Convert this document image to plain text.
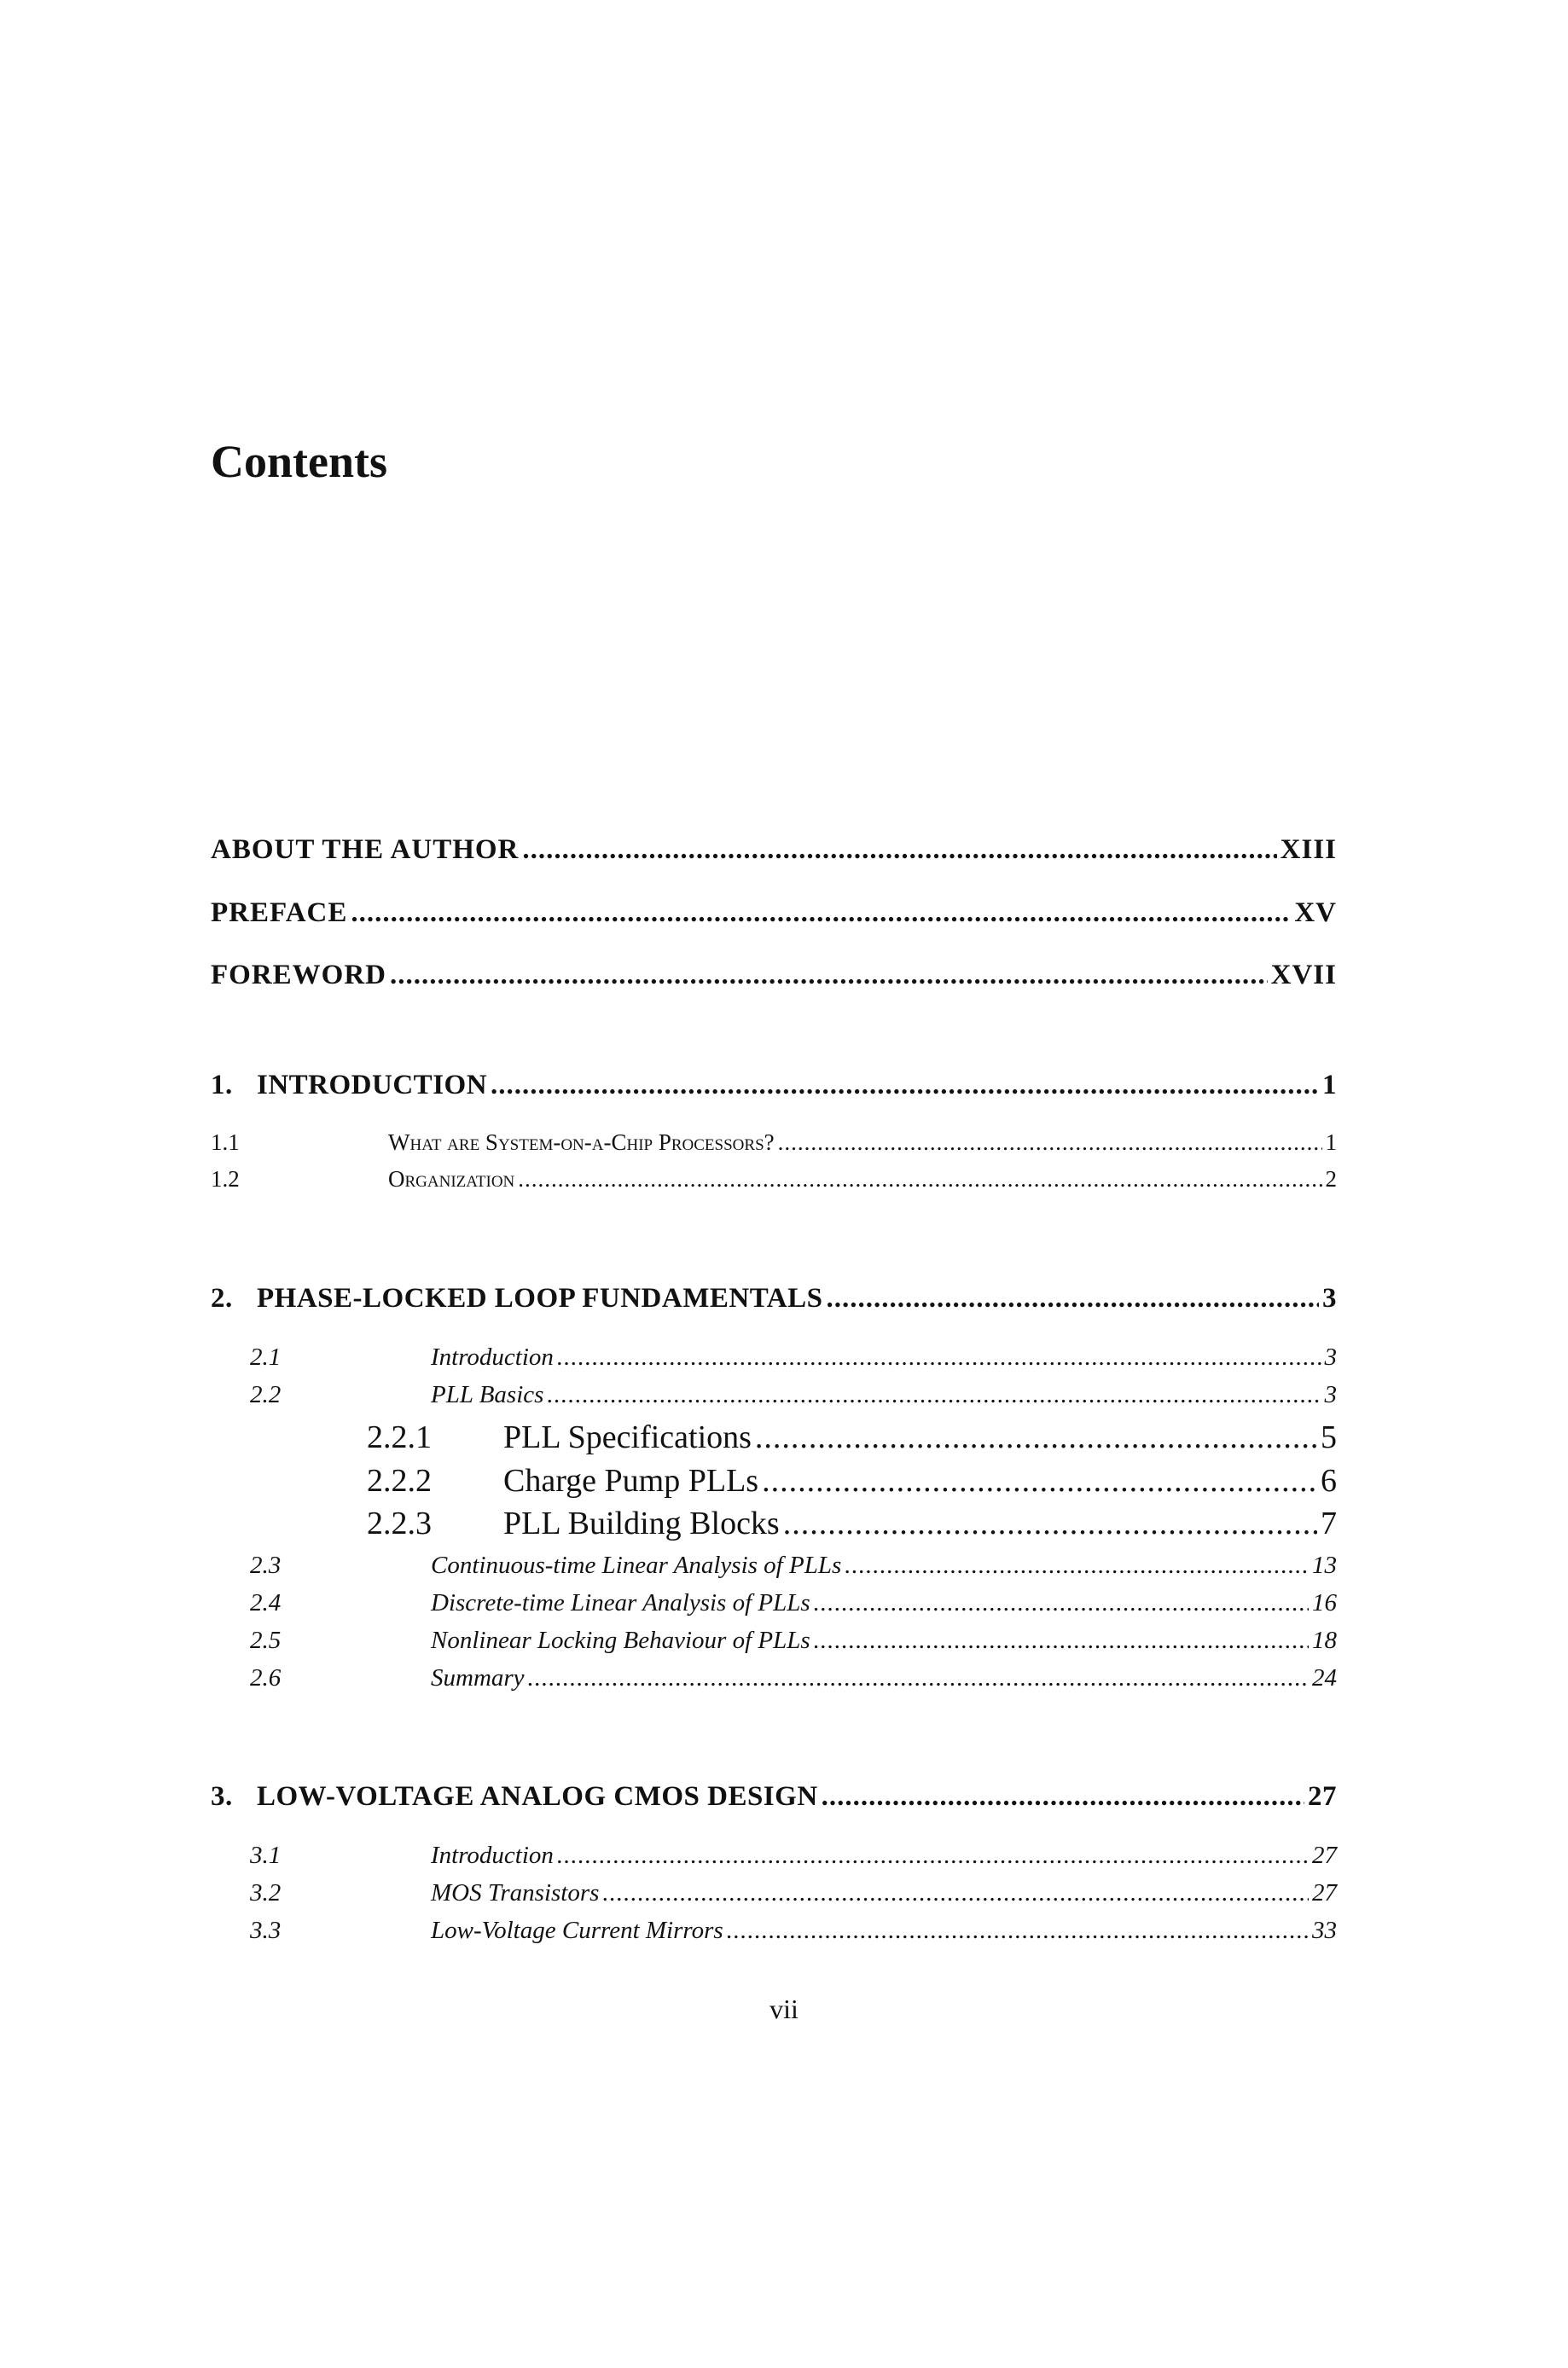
Contents
ABOUT THE AUTHOR .....	XIII
PREFACE .....	XV
FOREWORD .....	XVII
1. INTRODUCTION .....	1
1.1	What are System-on-a-Chip Processors? .....	1
1.2	Organization .....	2
2. PHASE-LOCKED LOOP FUNDAMENTALS .....	3
2.1	Introduction .....	3
2.2	PLL Basics .....	3
2.2.1	PLL Specifications .....	5
2.2.2	Charge Pump PLLs .....	6
2.2.3	PLL Building Blocks .....	7
2.3	Continuous-time Linear Analysis of PLLs .....	13
2.4	Discrete-time Linear Analysis of PLLs .....	16
2.5	Nonlinear Locking Behaviour of PLLs .....	18
2.6	Summary .....	24
3. LOW-VOLTAGE ANALOG CMOS DESIGN .....	27
3.1	Introduction .....	27
3.2	MOS Transistors .....	27
3.3	Low-Voltage Current Mirrors .....	33
vii
